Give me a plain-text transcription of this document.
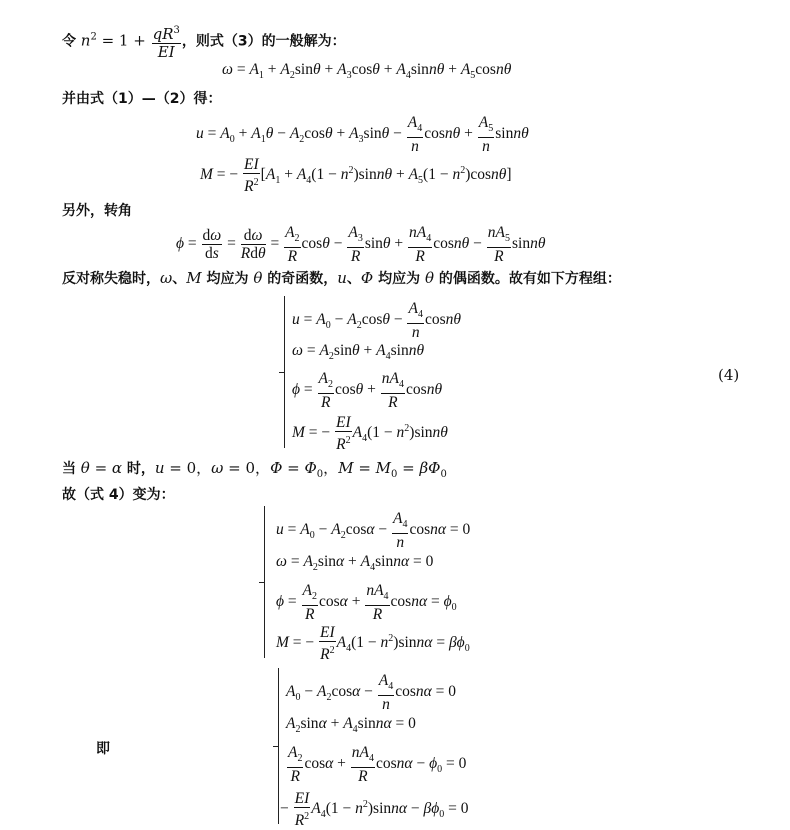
令 $n^2 = 1 + \frac{qR^3}{EI}$ ，则式（3）的一般解为：
$\omega = A_1 + A_2\sin\theta + A_3\cos\theta + A_4\sin n\theta + A_5\cos n\theta$
并由式（1）—（2）得：
$u = A_0 + A_1\theta - A_2\cos\theta + A_3\sin\theta - \frac{A_4}{n}$ $\cos n\theta + \frac{A_5}{n}$ sinnθ
M = − $\frac{EI}{R^2} [A_1 + A_4(1 - n^2)\sin n\theta + A_5(1 - n^2)\cos n\theta]$
另外，转角
$\phi = \frac{d\omega}{ds} = d\omega$
Rdθ
= $\frac{A_2}{R}$ $\cos\theta - \frac{A_3}{R}$ $\sin\theta + \frac{nA_4}{R}$ $\cos n\theta - \frac{nA_5}{R}$ sinnθ
反对称失稳时，ω、M 均应为 θ 的奇函数，u、Φ 均应为 θ 的偶函数。故有如下方程组：
$u = A_0 - A_2\cos\theta - \frac{A_4}{n}$ cosnθ
$\omega = A_2\sin\theta + A_4\sin n\theta$
$\phi = \frac{A_2}{R}$ $\cos\theta + \frac{nA_4}{R}$ cosnθ
M = − $\frac{EI}{R^2} A_4(1 - n^2)\sin n\theta$
(4)
当 θ = α 时，u = 0，ω = 0，$\Phi = \Phi_0$，$M = M_0 = \beta\Phi_0$
故（式 4）变为：
$u = A_0 - A_2\cos\alpha - \frac{A_4}{n}$ cosnα = 0
$\omega = A_2\sin\alpha + A_4\sin n\alpha = 0$
$\phi = \frac{A_2}{R}$ $\cos\alpha + \frac{nA_4}{R}$ $\cos n\alpha = \phi_0$
M = − $\frac{EI}{R^2} A_4(1 - n^2)\sin n\alpha = \beta\phi_0$
即
$A_0 - A_2\cos\alpha - \frac{A_4}{n}$ cosnα = 0
$A_2\sin\alpha + A_4\sin n\alpha = 0$
$\frac{A_2}{R}$ $\cos\alpha + \frac{nA_4}{R}$ $\cos n\alpha - \phi_0 = 0$
− $\frac{EI}{R^2} A_4(1 - n^2)\sin n\alpha - \beta\phi_0 = 0$
